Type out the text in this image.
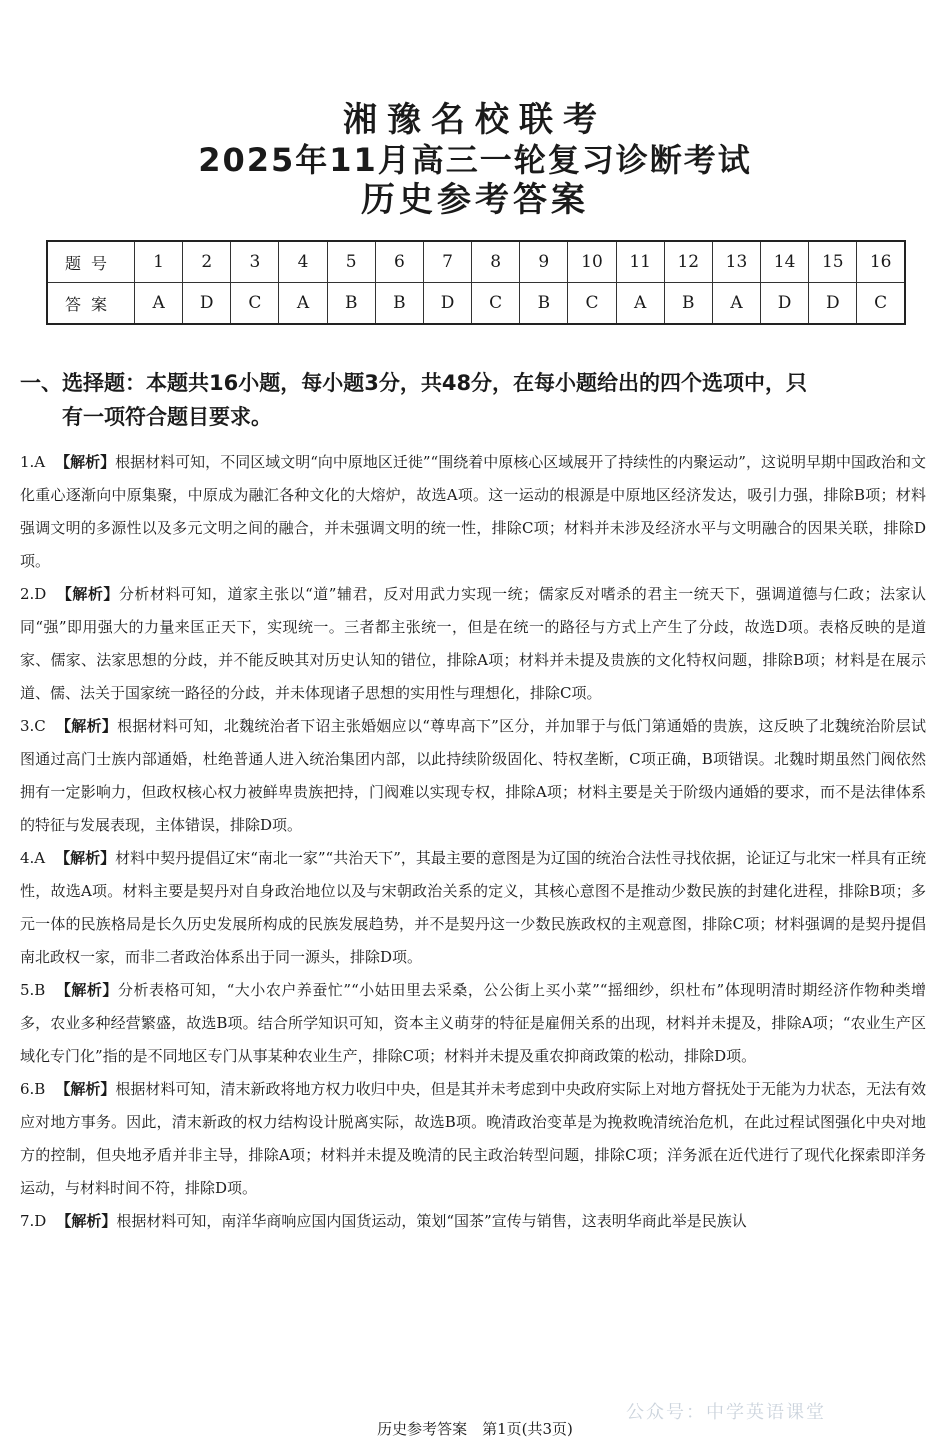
湘豫名校联考
2025年11月高三一轮复习诊断考试
历史参考答案
题号	1	2	3	4	5	6	7	8	9	10	11	12	13	14	15	16
答案	A	D	C	A	B	B	D	C	B	C	A	B	A	D	D	C
一、选择题：本题共16小题，每小题3分，共48分，在每小题给出的四个选项中，只
有一项符合题目要求。
1.A 【解析】根据材料可知，不同区域文明“向中原地区迁徙”“围绕着中原核心区域展开了持续性的内聚运动”，这说明早期中国政治和文化重心逐渐向中原集聚，中原成为融汇各种文化的大熔炉，故选A项。这一运动的根源是中原地区经济发达，吸引力强，排除B项；材料强调文明的多源性以及多元文明之间的融合，并未强调文明的统一性，排除C项；材料并未涉及经济水平与文明融合的因果关联，排除D项。
2.D 【解析】分析材料可知，道家主张以“道”辅君，反对用武力实现一统；儒家反对嗜杀的君主一统天下，强调道德与仁政；法家认同“强”即用强大的力量来匡正天下，实现统一。三者都主张统一，但是在统一的路径与方式上产生了分歧，故选D项。表格反映的是道家、儒家、法家思想的分歧，并不能反映其对历史认知的错位，排除A项；材料并未提及贵族的文化特权问题，排除B项；材料是在展示道、儒、法关于国家统一路径的分歧，并未体现诸子思想的实用性与理想化，排除C项。
3.C 【解析】根据材料可知，北魏统治者下诏主张婚姻应以“尊卑高下”区分，并加罪于与低门第通婚的贵族，这反映了北魏统治阶层试图通过高门士族内部通婚，杜绝普通人进入统治集团内部，以此持续阶级固化、特权垄断，C项正确，B项错误。北魏时期虽然门阀依然拥有一定影响力，但政权核心权力被鲜卑贵族把持，门阀难以实现专权，排除A项；材料主要是关于阶级内通婚的要求，而不是法律体系的特征与发展表现，主体错误，排除D项。
4.A 【解析】材料中契丹提倡辽宋“南北一家”“共治天下”，其最主要的意图是为辽国的统治合法性寻找依据，论证辽与北宋一样具有正统性，故选A项。材料主要是契丹对自身政治地位以及与宋朝政治关系的定义，其核心意图不是推动少数民族的封建化进程，排除B项；多元一体的民族格局是长久历史发展所构成的民族发展趋势，并不是契丹这一少数民族政权的主观意图，排除C项；材料强调的是契丹提倡南北政权一家，而非二者政治体系出于同一源头，排除D项。
5.B 【解析】分析表格可知，“大小农户养蚕忙”“小姑田里去采桑，公公街上买小菜”“摇细纱，织杜布”体现明清时期经济作物种类增多，农业多种经营繁盛，故选B项。结合所学知识可知，资本主义萌芽的特征是雇佣关系的出现，材料并未提及，排除A项；“农业生产区域化专门化”指的是不同地区专门从事某种农业生产，排除C项；材料并未提及重农抑商政策的松动，排除D项。
6.B 【解析】根据材料可知，清末新政将地方权力收归中央，但是其并未考虑到中央政府实际上对地方督抚处于无能为力状态，无法有效应对地方事务。因此，清末新政的权力结构设计脱离实际，故选B项。晚清政治变革是为挽救晚清统治危机，在此过程试图强化中央对地方的控制，但央地矛盾并非主导，排除A项；材料并未提及晚清的民主政治转型问题，排除C项；洋务派在近代进行了现代化探索即洋务运动，与材料时间不符，排除D项。
7.D 【解析】根据材料可知，南洋华商响应国内国货运动，策划“国茶”宣传与销售，这表明华商此举是民族认
公众号：中学英语课堂
历史参考答案　第1页(共3页)
